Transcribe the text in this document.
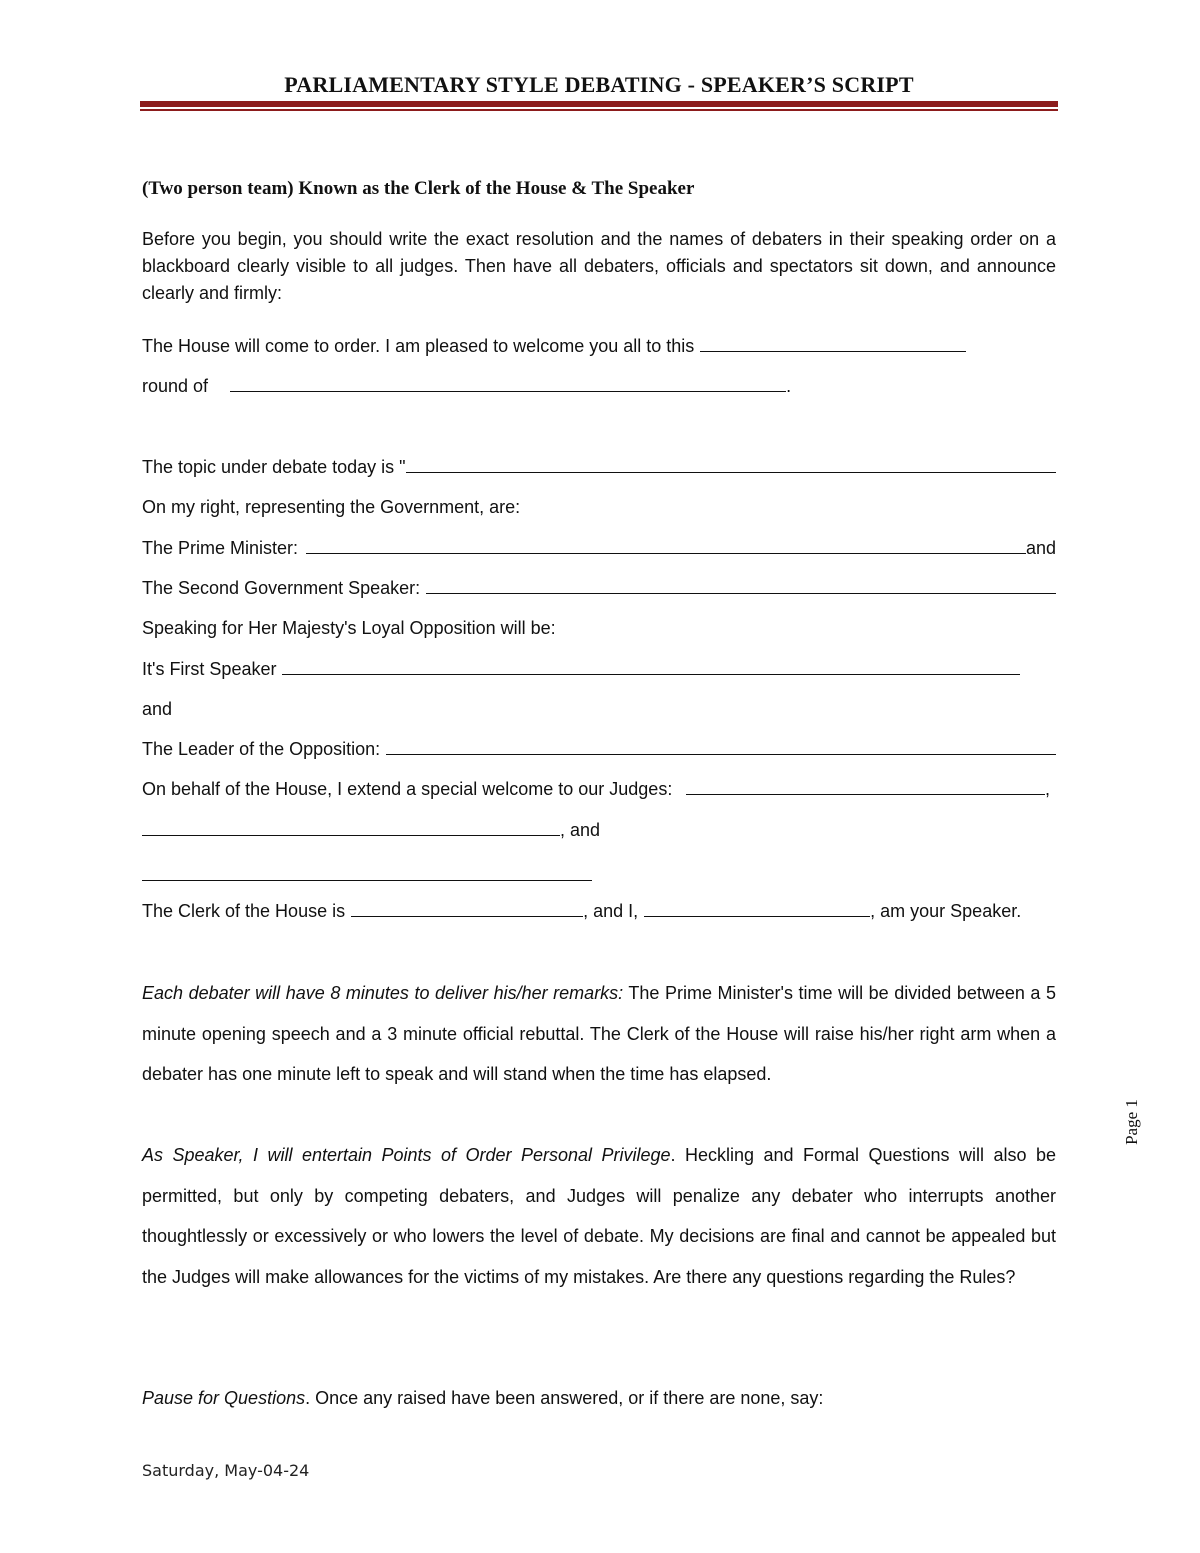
PARLIAMENTARY STYLE DEBATING - SPEAKER’S SCRIPT
(Two person team) Known as the Clerk of the House & The Speaker
Before you begin, you should write the exact resolution and the names of debaters in their speaking order on a blackboard clearly visible to all judges. Then have all debaters, officials and spectators sit down, and announce clearly and firmly:
The House will come to order. I am pleased to welcome you all to this
round of	.
The topic under debate today is "
On my right, representing the Government, are:
The Prime Minister:	and
The Second Government Speaker:
Speaking for Her Majesty's Loyal Opposition will be:
It's First Speaker
and
The Leader of the Opposition:
On behalf of the House, I extend a special welcome to our Judges:	,
, and
The Clerk of the House is	, and I,	, am your Speaker.
Each debater will have 8 minutes to deliver his/her remarks: The Prime Minister's time will be divided between a 5 minute opening speech and a 3 minute official rebuttal. The Clerk of the House will raise his/her right arm when a debater has one minute left to speak and will stand when the time has elapsed.
As Speaker, I will entertain Points of Order Personal Privilege. Heckling and Formal Questions will also be permitted, but only by competing debaters, and Judges will penalize any debater who interrupts another thoughtlessly or excessively or who lowers the level of debate. My decisions are final and cannot be appealed but the Judges will make allowances for the victims of my mistakes. Are there any questions regarding the Rules?
Pause for Questions. Once any raised have been answered, or if there are none, say:
Page 1
Saturday, May-04-24
